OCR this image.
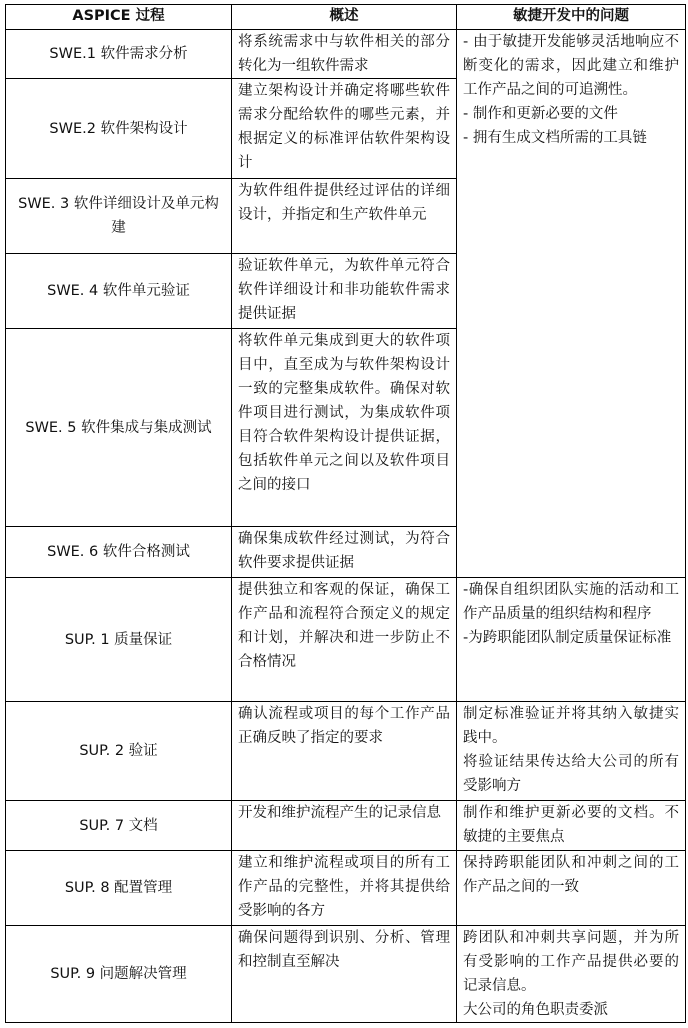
ASPICE 过程	概述	敏捷开发中的问题
SWE.1 软件需求分析	将系统需求中与软件相关的部分转化为一组软件需求	- 由于敏捷开发能够灵活地响应不断变化的需求，因此建立和维护工作产品之间的可追溯性。
- 制作和更新必要的文件
- 拥有生成文档所需的工具链

SWE.2 软件架构设计	建立架构设计并确定将哪些软件需求分配给软件的哪些元素，并根据定义的标准评估软件架构设计	
SWE. 3 软件详细设计及单元构建	为软件组件提供经过评估的详细设计，并指定和生产软件单元	
SWE. 4 软件单元验证	验证软件单元，为软件单元符合软件详细设计和非功能软件需求提供证据	
SWE. 5 软件集成与集成测试	将软件单元集成到更大的软件项目中，直至成为与软件架构设计一致的完整集成软件。确保对软件项目进行测试，为集成软件项目符合软件架构设计提供证据，包括软件单元之间以及软件项目之间的接口	
SWE. 6 软件合格测试	确保集成软件经过测试，为符合软件要求提供证据	
SUP. 1 质量保证	提供独立和客观的保证，确保工作产品和流程符合预定义的规定和计划，并解决和进一步防止不合格情况	-确保自组织团队实施的活动和工作产品质量的组织结构和程序
-为跨职能团队制定质量保证标准

SUP. 2 验证	确认流程或项目的每个工作产品正确反映了指定的要求	制定标准验证并将其纳入敏捷实践中。
将验证结果传达给大公司的所有受影响方

SUP. 7 文档	开发和维护流程产生的记录信息	制作和维护更新必要的文档。不敏捷的主要焦点

SUP. 8 配置管理	建立和维护流程或项目的所有工作产品的完整性，并将其提供给受影响的各方	保持跨职能团队和冲刺之间的工作产品之间的一致

SUP. 9 问题解决管理	确保问题得到识别、分析、管理和控制直至解决	跨团队和冲刺共享问题，并为所有受影响的工作产品提供必要的记录信息。
大公司的角色职责委派
